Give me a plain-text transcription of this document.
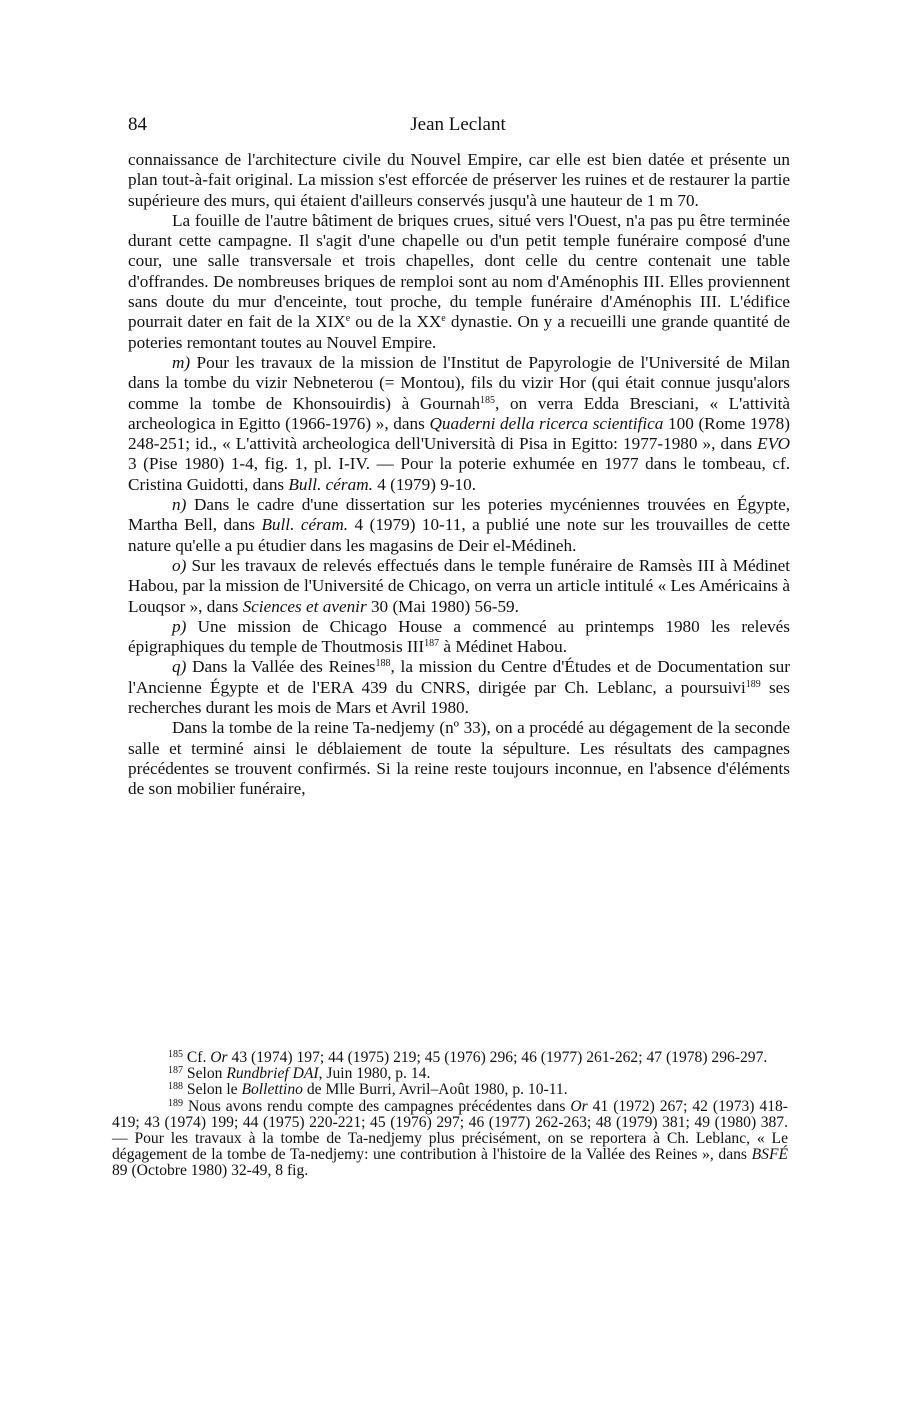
84	Jean Leclant

connaissance de l'architecture civile du Nouvel Empire, car elle est bien datée et présente un plan tout-à-fait original. La mission s'est efforcée de préserver les ruines et de restaurer la partie supérieure des murs, qui étaient d'ailleurs conservés jusqu'à une hauteur de 1 m 70.

La fouille de l'autre bâtiment de briques crues, situé vers l'Ouest, n'a pas pu être terminée durant cette campagne. Il s'agit d'une chapelle ou d'un petit temple funéraire composé d'une cour, une salle transversale et trois chapelles, dont celle du centre contenait une table d'offrandes. De nombreuses briques de remploi sont au nom d'Aménophis III. Elles proviennent sans doute du mur d'enceinte, tout proche, du temple funéraire d'Aménophis III. L'édifice pourrait dater en fait de la XIXe ou de la XXe dynastie. On y a recueilli une grande quantité de poteries remontant toutes au Nouvel Empire.

m) Pour les travaux de la mission de l'Institut de Papyrologie de l'Université de Milan dans la tombe du vizir Nebneterou (= Montou), fils du vizir Hor (qui était connue jusqu'alors comme la tombe de Khonsouirdis) à Gournah$^{185}$, on verra Edda Bresciani, « L'attività archeologica in Egitto (1966-1976) », dans Quaderni della ricerca scientifica 100 (Rome 1978) 248-251; id., « L'attività archeologica dell'Università di Pisa in Egitto: 1977-1980 », dans EVO 3 (Pise 1980) 1-4, fig. 1, pl. I-IV. — Pour la poterie exhumée en 1977 dans le tombeau, cf. Cristina Guidotti, dans Bull. céram. 4 (1979) 9-10.

n) Dans le cadre d'une dissertation sur les poteries mycéniennes trouvées en Égypte, Martha Bell, dans Bull. céram. 4 (1979) 10-11, a publié une note sur les trouvailles de cette nature qu'elle a pu étudier dans les magasins de Deir el-Médineh.

o) Sur les travaux de relevés effectués dans le temple funéraire de Ramsès III à Médinet Habou, par la mission de l'Université de Chicago, on verra un article intitulé « Les Américains à Louqsor », dans Sciences et avenir 30 (Mai 1980) 56-59.

p) Une mission de Chicago House a commencé au printemps 1980 les relevés épigraphiques du temple de Thoutmosis III$^{187}$ à Médinet Habou.

q) Dans la Vallée des Reines$^{188}$, la mission du Centre d'Études et de Documentation sur l'Ancienne Égypte et de l'ERA 439 du CNRS, dirigée par Ch. Leblanc, a poursuivi$^{189}$ ses recherches durant les mois de Mars et Avril 1980.

Dans la tombe de la reine Ta-nedjemy (nº 33), on a procédé au dégagement de la seconde salle et terminé ainsi le déblaiement de toute la sépulture. Les résultats des campagnes précédentes se trouvent confirmés. Si la reine reste toujours inconnue, en l'absence d'éléments de son mobilier funéraire,

$^{185}$ Cf. Or 43 (1974) 197; 44 (1975) 219; 45 (1976) 296; 46 (1977) 261-262; 47 (1978) 296-297.

$^{187}$ Selon Rundbrief DAI, Juin 1980, p. 14.

$^{188}$ Selon le Bollettino de Mlle Burri, Avril–Août 1980, p. 10-11.

$^{189}$ Nous avons rendu compte des campagnes précédentes dans Or 41 (1972) 267; 42 (1973) 418-419; 43 (1974) 199; 44 (1975) 220-221; 45 (1976) 297; 46 (1977) 262-263; 48 (1979) 381; 49 (1980) 387. — Pour les travaux à la tombe de Ta-nedjemy plus précisément, on se reportera à Ch. Leblanc, « Le dégagement de la tombe de Ta-nedjemy: une contribution à l'histoire de la Vallée des Reines », dans BSFÉ 89 (Octobre 1980) 32-49, 8 fig.
